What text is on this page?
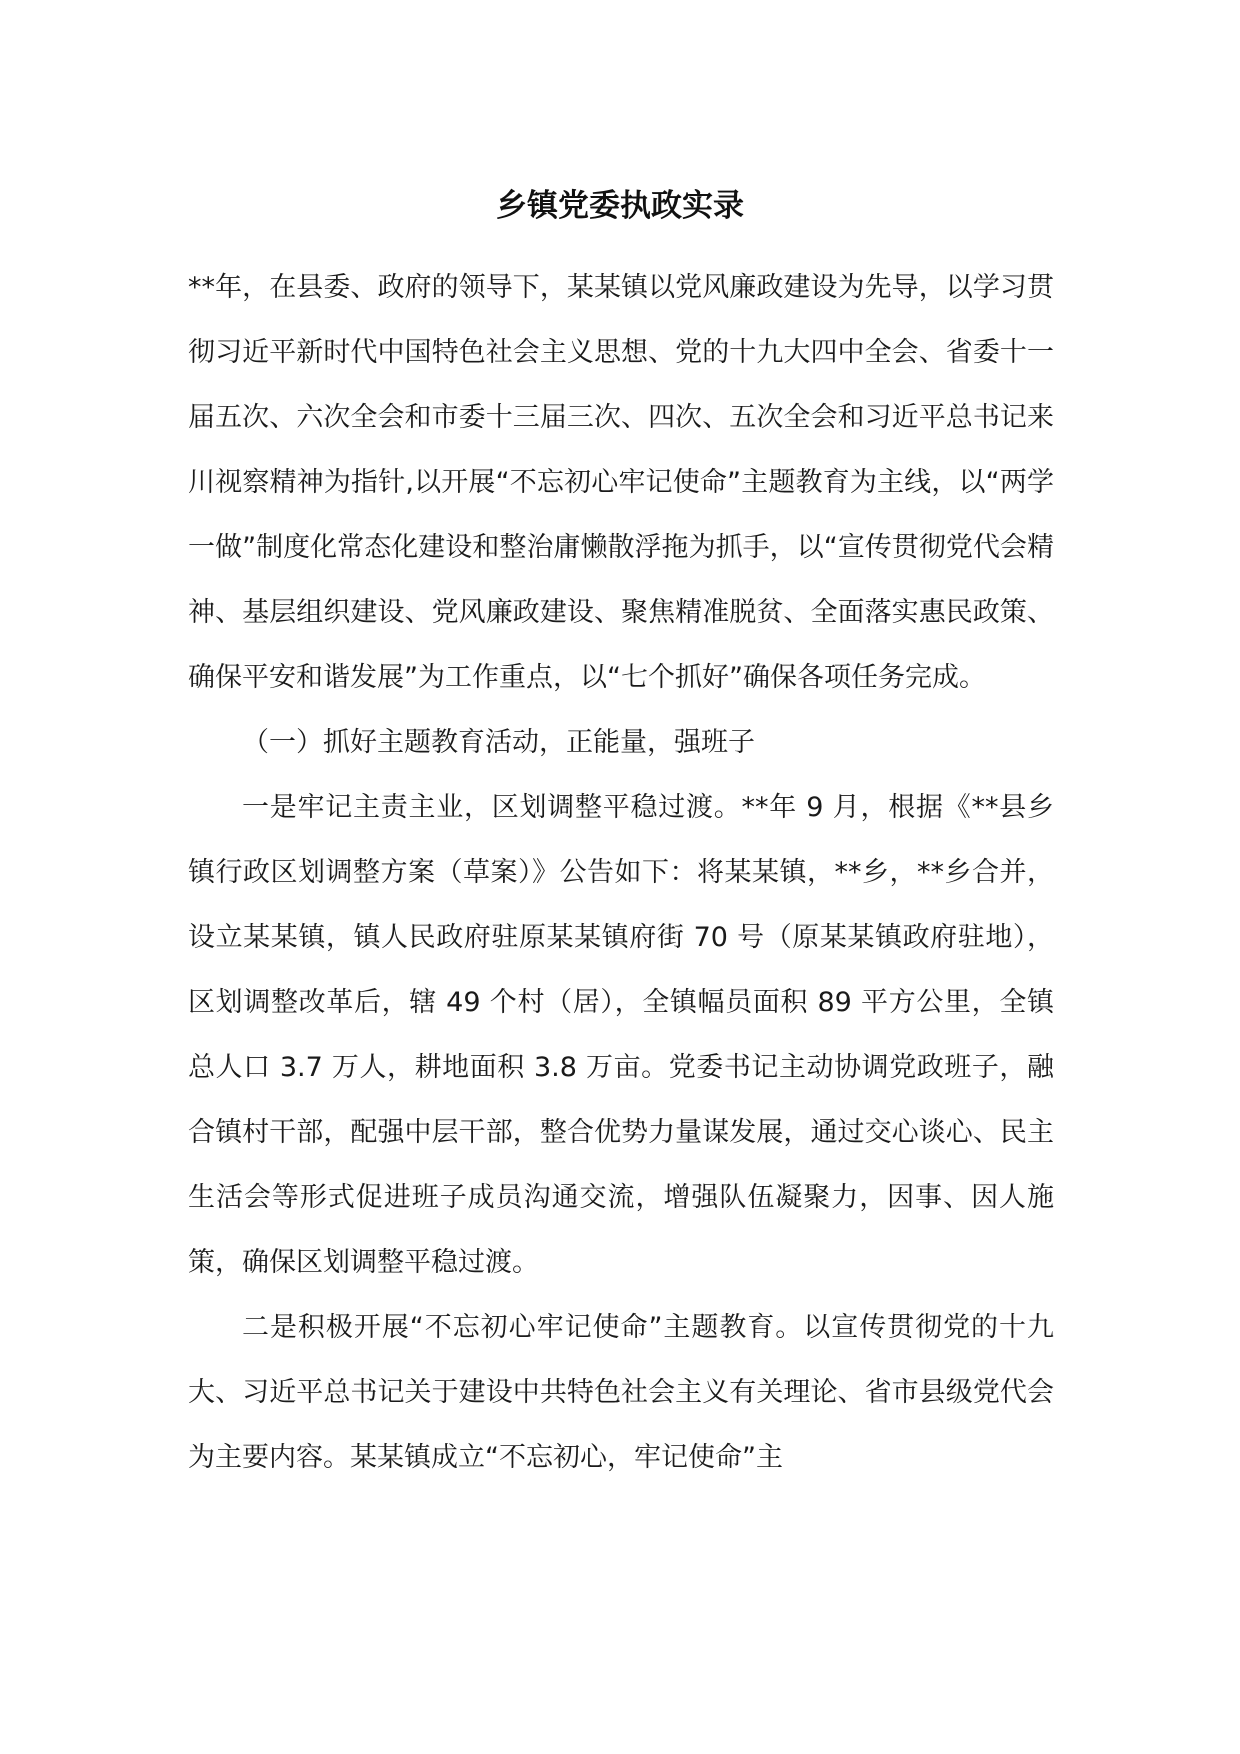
乡镇党委执政实录

**年，在县委、政府的领导下，某某镇以党风廉政建设为先导，以学习贯彻习近平新时代中国特色社会主义思想、党的十九大四中全会、省委十一届五次、六次全会和市委十三届三次、四次、五次全会和习近平总书记来川视察精神为指针,以开展“不忘初心牢记使命”主题教育为主线，以“两学一做”制度化常态化建设和整治庸懒散浮拖为抓手，以“宣传贯彻党代会精神、基层组织建设、党风廉政建设、聚焦精准脱贫、全面落实惠民政策、确保平安和谐发展”为工作重点，以“七个抓好”确保各项任务完成。

（一）抓好主题教育活动，正能量，强班子

一是牢记主责主业，区划调整平稳过渡。**年 9 月，根据《**县乡镇行政区划调整方案（草案）》公告如下：将某某镇，**乡，**乡合并，设立某某镇，镇人民政府驻原某某镇府街 70 号（原某某镇政府驻地），区划调整改革后，辖 49 个村（居），全镇幅员面积 89 平方公里，全镇总人口 3.7 万人，耕地面积 3.8 万亩。党委书记主动协调党政班子，融合镇村干部，配强中层干部，整合优势力量谋发展，通过交心谈心、民主生活会等形式促进班子成员沟通交流，增强队伍凝聚力，因事、因人施策，确保区划调整平稳过渡。

二是积极开展“不忘初心牢记使命”主题教育。以宣传贯彻党的十九大、习近平总书记关于建设中共特色社会主义有关理论、省市县级党代会为主要内容。某某镇成立“不忘初心，牢记使命”主
